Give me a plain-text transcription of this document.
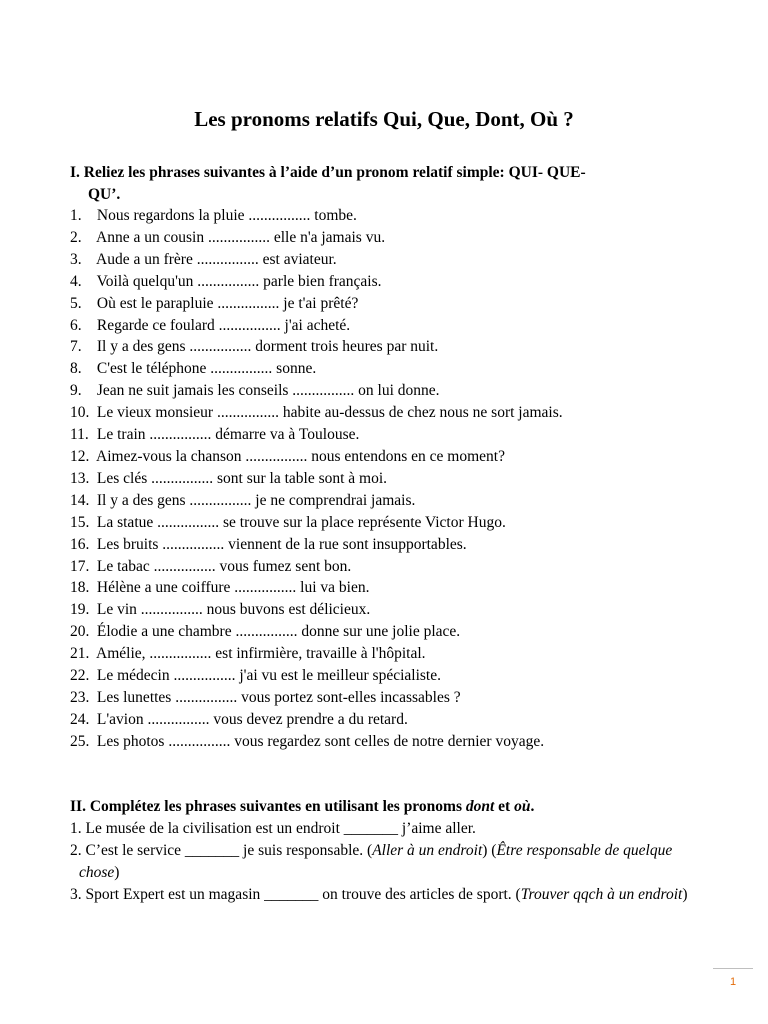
Les pronoms relatifs Qui, Que, Dont, Où ?
I. Reliez les phrases suivantes à l’aide d’un pronom relatif simple: QUI- QUE-
QU’.
1. Nous regardons la pluie ................ tombe.
2. Anne a un cousin ................ elle n'a jamais vu.
3. Aude a un frère ................ est aviateur.
4. Voilà quelqu'un ................ parle bien français.
5. Où est le parapluie ................ je t'ai prêté?
6. Regarde ce foulard ................ j'ai acheté.
7. Il y a des gens ................ dorment trois heures par nuit.
8. C'est le téléphone ................ sonne.
9. Jean ne suit jamais les conseils ................ on lui donne.
10. Le vieux monsieur ................ habite au-dessus de chez nous ne sort jamais.
11. Le train ................ démarre va à Toulouse.
12. Aimez-vous la chanson ................ nous entendons en ce moment?
13. Les clés ................ sont sur la table sont à moi.
14. Il y a des gens ................ je ne comprendrai jamais.
15. La statue ................ se trouve sur la place représente Victor Hugo.
16. Les bruits ................ viennent de la rue sont insupportables.
17. Le tabac ................ vous fumez sent bon.
18. Hélène a une coiffure ................ lui va bien.
19. Le vin ................ nous buvons est délicieux.
20. Élodie a une chambre ................ donne sur une jolie place.
21. Amélie, ................ est infirmière, travaille à l'hôpital.
22. Le médecin ................ j'ai vu est le meilleur spécialiste.
23. Les lunettes ................ vous portez sont-elles incassables ?
24. L'avion ................ vous devez prendre a du retard.
25. Les photos ................ vous regardez sont celles de notre dernier voyage.
II. Complétez les phrases suivantes en utilisant les pronoms dont et où.
1. Le musée de la civilisation est un endroit _______ j’aime aller.
2. C’est le service _______ je suis responsable. (Aller à un endroit) (Être responsable de quelque chose)
3. Sport Expert est un magasin _______ on trouve des articles de sport. (Trouver qqch à un endroit)
1
